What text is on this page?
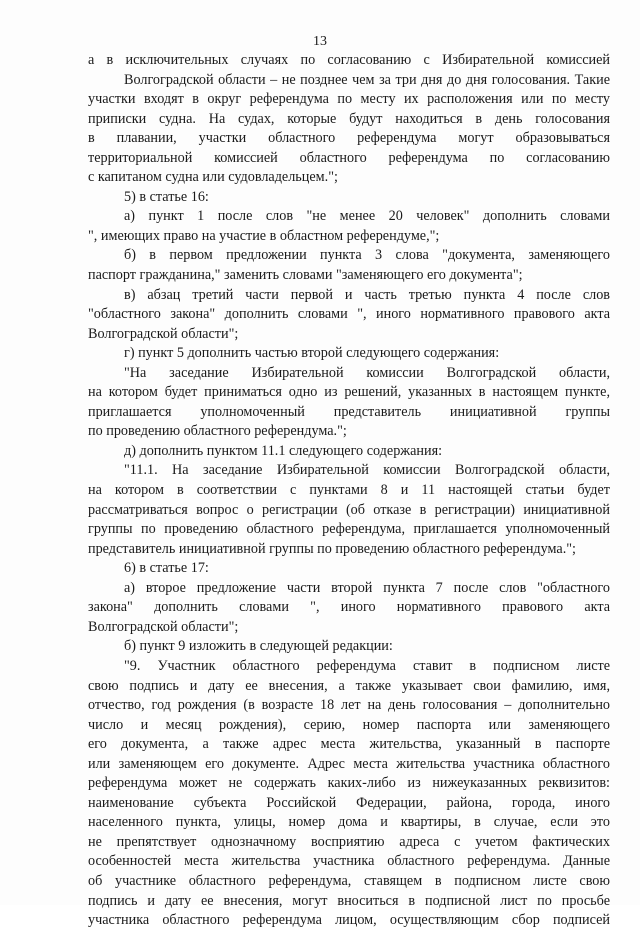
13
а в исключительных случаях по согласованию с Избирательной комиссией
Волгоградской области – не позднее чем за три дня до дня голосования. Такие
участки входят в округ референдума по месту их расположения или по месту
приписки судна. На судах, которые будут находиться в день голосования
в плавании, участки областного референдума могут образовываться
территориальной комиссией областного референдума по согласованию
с капитаном судна или судовладельцем.";
5) в статье 16:
а) пункт 1 после слов "не менее 20 человек" дополнить словами
", имеющих право на участие в областном референдуме,";
б) в первом предложении пункта 3 слова "документа, заменяющего
паспорт гражданина," заменить словами "заменяющего его документа";
в) абзац третий части первой и часть третью пункта 4 после слов
"областного закона" дополнить словами ", иного нормативного правового акта
Волгоградской области";
г) пункт 5 дополнить частью второй следующего содержания:
"На заседание Избирательной комиссии Волгоградской области,
на котором будет приниматься одно из решений, указанных в настоящем пункте,
приглашается уполномоченный представитель инициативной группы
по проведению областного референдума.";
д) дополнить пунктом 11.1 следующего содержания:
"11.1. На заседание Избирательной комиссии Волгоградской области,
на котором в соответствии с пунктами 8 и 11 настоящей статьи будет
рассматриваться вопрос о регистрации (об отказе в регистрации) инициативной
группы по проведению областного референдума, приглашается уполномоченный
представитель инициативной группы по проведению областного референдума.";
6) в статье 17:
а) второе предложение части второй пункта 7 после слов "областного
закона" дополнить словами ", иного нормативного правового акта
Волгоградской области";
б) пункт 9 изложить в следующей редакции:
"9. Участник областного референдума ставит в подписном листе
свою подпись и дату ее внесения, а также указывает свои фамилию, имя,
отчество, год рождения (в возрасте 18 лет на день голосования – дополнительно
число и месяц рождения), серию, номер паспорта или заменяющего
его документа, а также адрес места жительства, указанный в паспорте
или заменяющем его документе. Адрес места жительства участника областного
референдума может не содержать каких-либо из нижеуказанных реквизитов:
наименование субъекта Российской Федерации, района, города, иного
населенного пункта, улицы, номер дома и квартиры, в случае, если это
не препятствует однозначному восприятию адреса с учетом фактических
особенностей места жительства участника областного референдума. Данные
об участнике областного референдума, ставящем в подписном листе свою
подпись и дату ее внесения, могут вноситься в подписной лист по просьбе
участника областного референдума лицом, осуществляющим сбор подписей
